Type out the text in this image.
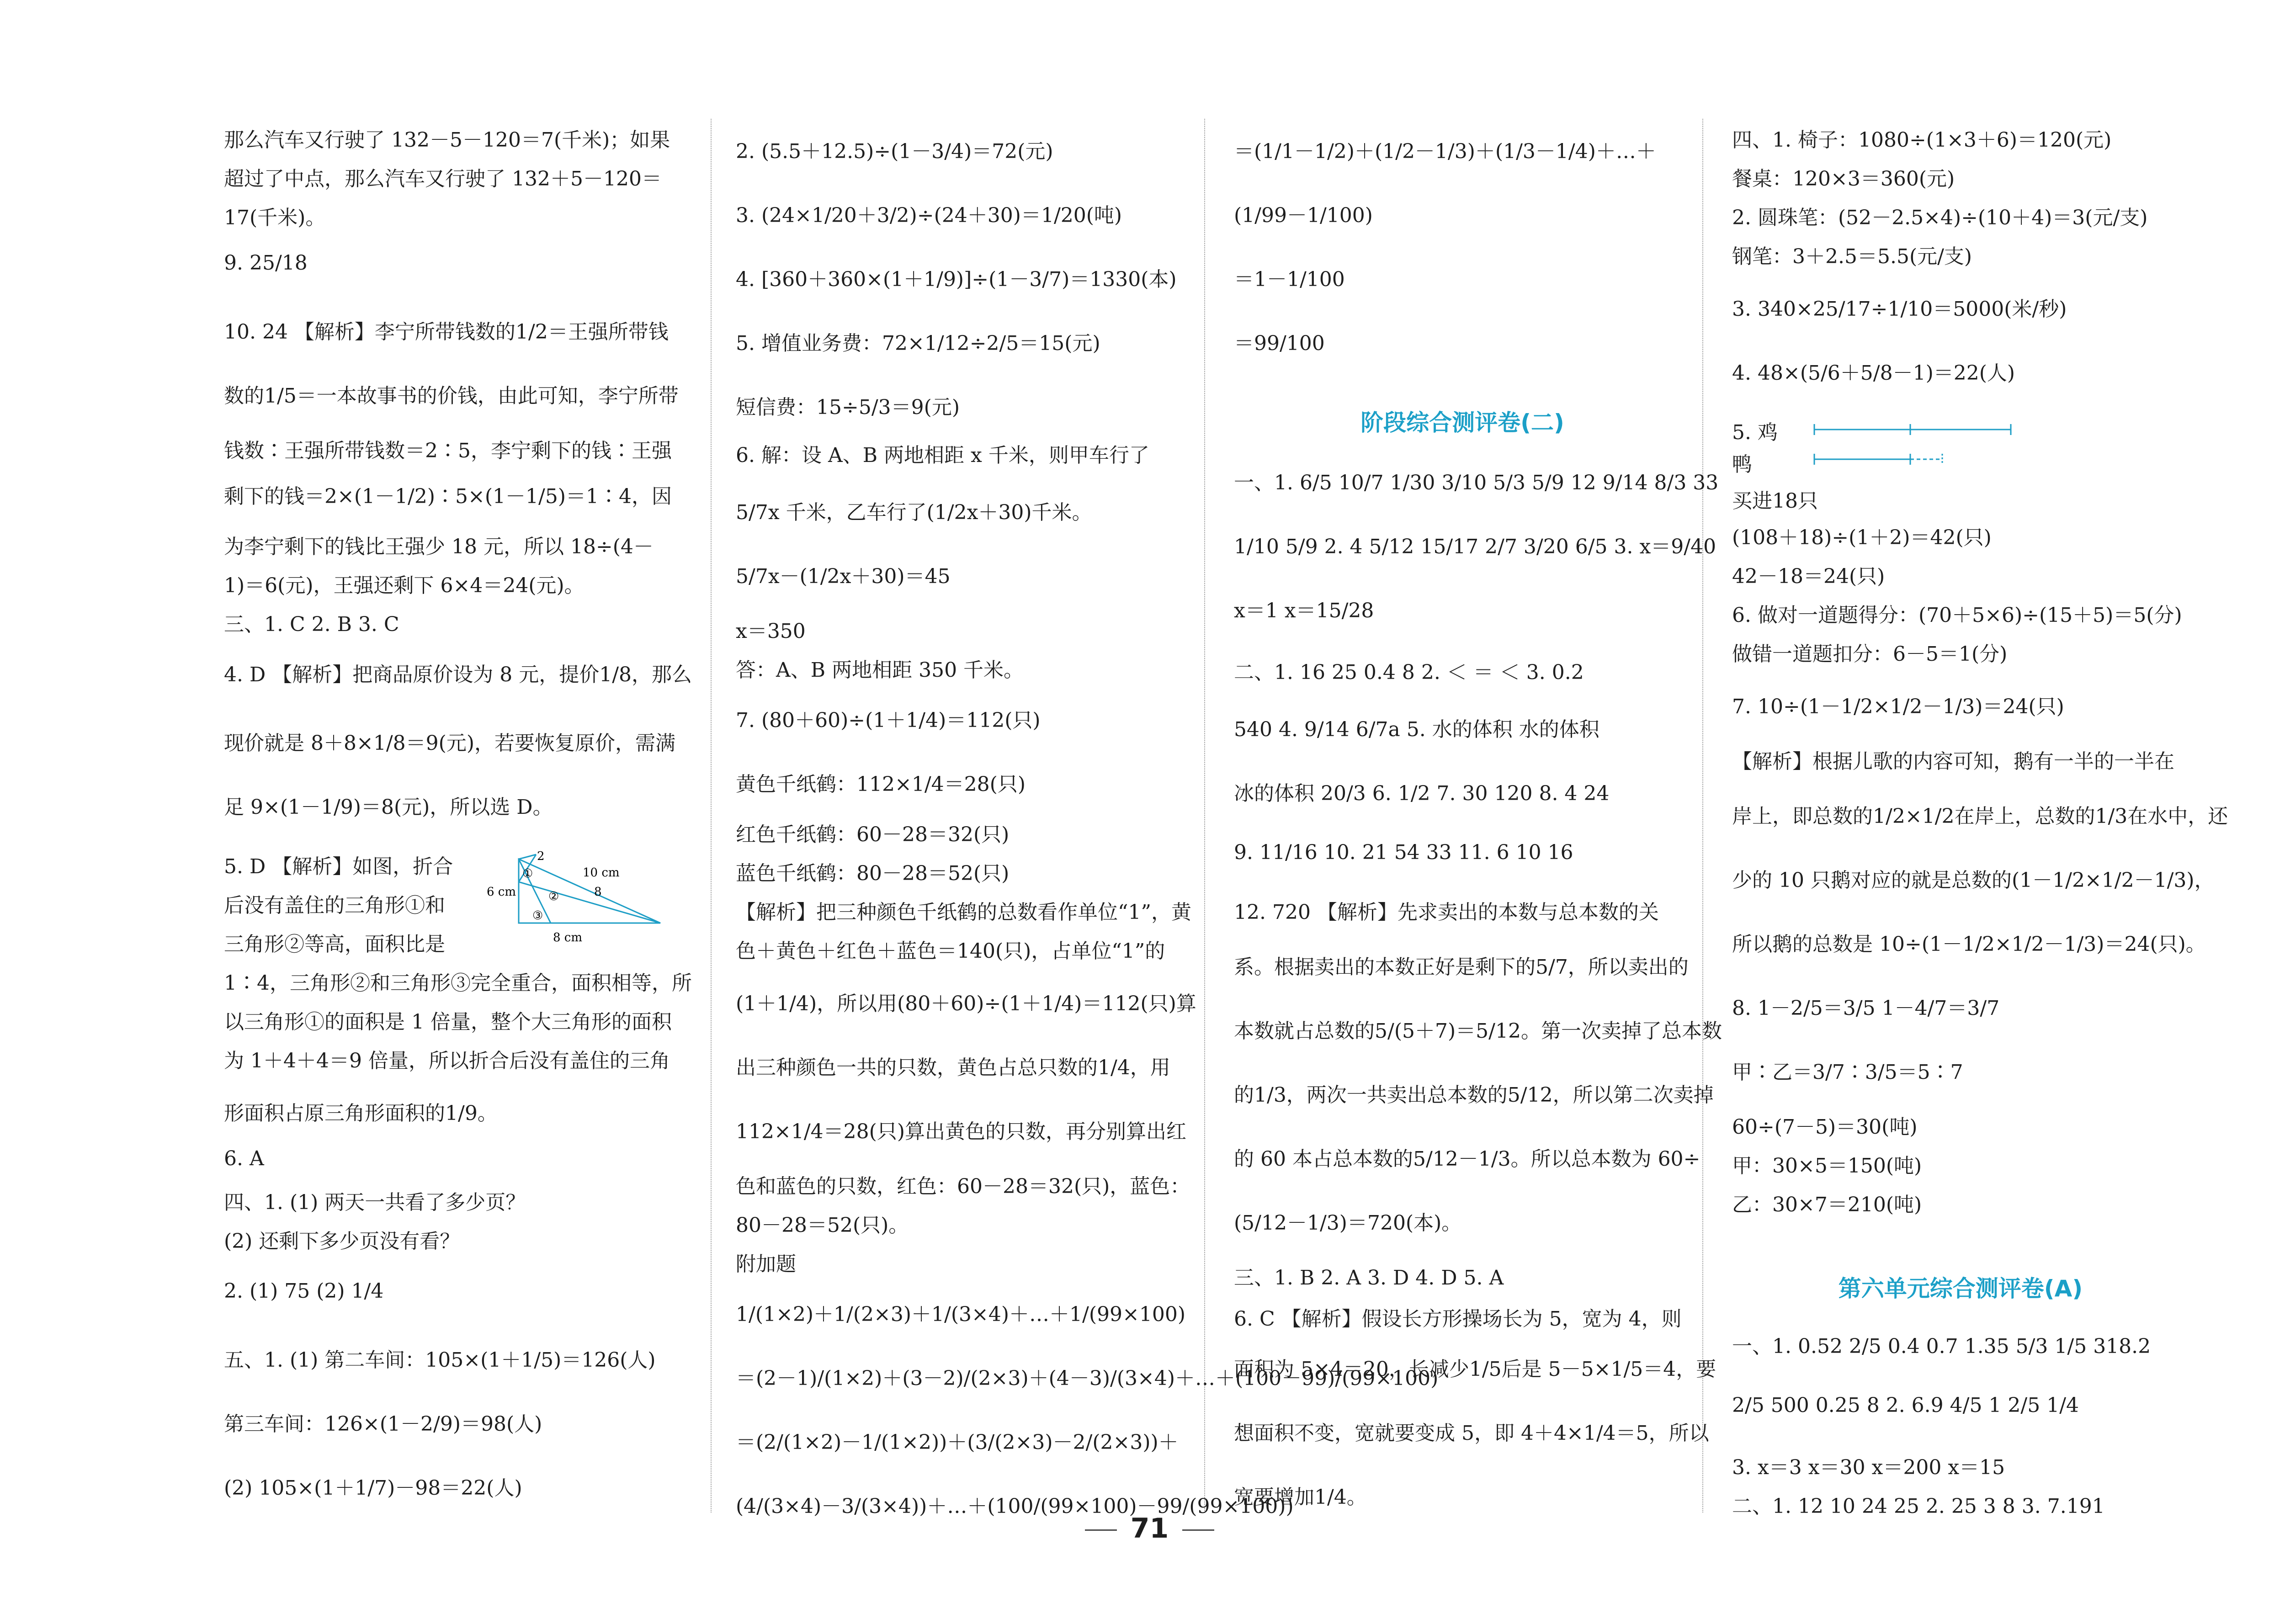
那么汽车又行驶了 132－5－120＝7(千米)；如果
超过了中点，那么汽车又行驶了 132＋5－120＝
17(千米)。
9. 25/18
10. 24 【解析】李宁所带钱数的1/2＝王强所带钱
数的1/5＝一本故事书的价钱，由此可知，李宁所带
钱数∶王强所带钱数＝2∶5，李宁剩下的钱∶王强
剩下的钱＝2×(1－1/2)∶5×(1－1/5)＝1∶4，因
为李宁剩下的钱比王强少 18 元，所以 18÷(4－
1)＝6(元)，王强还剩下 6×4＝24(元)。
三、1. C 2. B 3. C
4. D 【解析】把商品原价设为 8 元，提价1/8，那么
现价就是 8＋8×1/8＝9(元)，若要恢复原价，需满
足 9×(1－1/9)＝8(元)，所以选 D。
5. D 【解析】如图，折合
后没有盖住的三角形①和
三角形②等高，面积比是
1∶4，三角形②和三角形③完全重合，面积相等，所
以三角形①的面积是 1 倍量，整个大三角形的面积
为 1＋4＋4＝9 倍量，所以折合后没有盖住的三角
形面积占原三角形面积的1/9。
6. A
四、1. (1) 两天一共看了多少页？
(2) 还剩下多少页没有看？
2. (1) 75 (2) 1/4
五、1. (1) 第二车间：105×(1＋1/5)＝126(人)
第三车间：126×(1－2/9)＝98(人)
(2) 105×(1＋1/7)－98＝22(人)
2. (5.5＋12.5)÷(1－3/4)＝72(元)
3. (24×1/20＋3/2)÷(24＋30)＝1/20(吨)
4. [360＋360×(1＋1/9)]÷(1－3/7)＝1330(本)
5. 增值业务费：72×1/12÷2/5＝15(元)
短信费：15÷5/3＝9(元)
6. 解：设 A、B 两地相距 x 千米，则甲车行了
5/7x 千米，乙车行了(1/2x＋30)千米。
5/7x－(1/2x＋30)＝45
x＝350
答：A、B 两地相距 350 千米。
7. (80＋60)÷(1＋1/4)＝112(只)
黄色千纸鹤：112×1/4＝28(只)
红色千纸鹤：60－28＝32(只)
蓝色千纸鹤：80－28＝52(只)
【解析】把三种颜色千纸鹤的总数看作单位“1”，黄
色＋黄色＋红色＋蓝色＝140(只)，占单位“1”的
(1＋1/4)，所以用(80＋60)÷(1＋1/4)＝112(只)算
出三种颜色一共的只数，黄色占总只数的1/4，用
112×1/4＝28(只)算出黄色的只数，再分别算出红
色和蓝色的只数，红色：60－28＝32(只)，蓝色：
80－28＝52(只)。
附加题
1/(1×2)＋1/(2×3)＋1/(3×4)＋…＋1/(99×100)
＝(2－1)/(1×2)＋(3－2)/(2×3)＋(4－3)/(3×4)＋…＋(100－99)/(99×100)
＝(2/(1×2)－1/(1×2))＋(3/(2×3)－2/(2×3))＋
(4/(3×4)－3/(3×4))＋…＋(100/(99×100)－99/(99×100))
＝(1/1－1/2)＋(1/2－1/3)＋(1/3－1/4)＋…＋
(1/99－1/100)
＝1－1/100
＝99/100
阶段综合测评卷(二)
一、1. 6/5 10/7 1/30 3/10 5/3 5/9 12 9/14 8/3 33
1/10 5/9 2. 4 5/12 15/17 2/7 3/20 6/5 3. x＝9/40
x＝1 x＝15/28
二、1. 16 25 0.4 8 2. ＜ ＝ ＜ 3. 0.2
540 4. 9/14 6/7a 5. 水的体积 水的体积
冰的体积 20/3 6. 1/2 7. 30 120 8. 4 24
9. 11/16 10. 21 54 33 11. 6 10 16
12. 720 【解析】先求卖出的本数与总本数的关
系。根据卖出的本数正好是剩下的5/7，所以卖出的
本数就占总数的5/(5＋7)＝5/12。第一次卖掉了总本数
的1/3，两次一共卖出总本数的5/12，所以第二次卖掉
的 60 本占总本数的5/12－1/3。所以总本数为 60÷
(5/12－1/3)＝720(本)。
三、1. B 2. A 3. D 4. D 5. A
6. C 【解析】假设长方形操场长为 5，宽为 4，则
面积为 5×4＝20，长减少1/5后是 5－5×1/5＝4，要
想面积不变，宽就要变成 5，即 4＋4×1/4＝5，所以
宽要增加1/4。
四、1. 椅子：1080÷(1×3＋6)＝120(元)
餐桌：120×3＝360(元)
2. 圆珠笔：(52－2.5×4)÷(10＋4)＝3(元/支)
钢笔：3＋2.5＝5.5(元/支)
3. 340×25/17÷1/10＝5000(米/秒)
4. 48×(5/6＋5/8－1)＝22(人)
5. 鸡
鸭
买进18只
(108＋18)÷(1＋2)＝42(只)
42－18＝24(只)
6. 做对一道题得分：(70＋5×6)÷(15＋5)＝5(分)
做错一道题扣分：6－5＝1(分)
7. 10÷(1－1/2×1/2－1/3)＝24(只)
【解析】根据儿歌的内容可知，鹅有一半的一半在
岸上，即总数的1/2×1/2在岸上，总数的1/3在水中，还
少的 10 只鹅对应的就是总数的(1－1/2×1/2－1/3)，
所以鹅的总数是 10÷(1－1/2×1/2－1/3)＝24(只)。
8. 1－2/5＝3/5 1－4/7＝3/7
甲∶乙＝3/7∶3/5＝5∶7
60÷(7－5)＝30(吨)
甲：30×5＝150(吨)
乙：30×7＝210(吨)
第六单元综合测评卷(A)
一、1. 0.52 2/5 0.4 0.7 1.35 5/3 1/5 318.2
2/5 500 0.25 8 2. 6.9 4/5 1 2/5 1/4
3. x＝3 x＝30 x＝200 x＝15
二、1. 12 10 24 25 2. 25 3 8 3. 7.191
2
10 cm
6 cm
①
②	8
③
8 cm
71
